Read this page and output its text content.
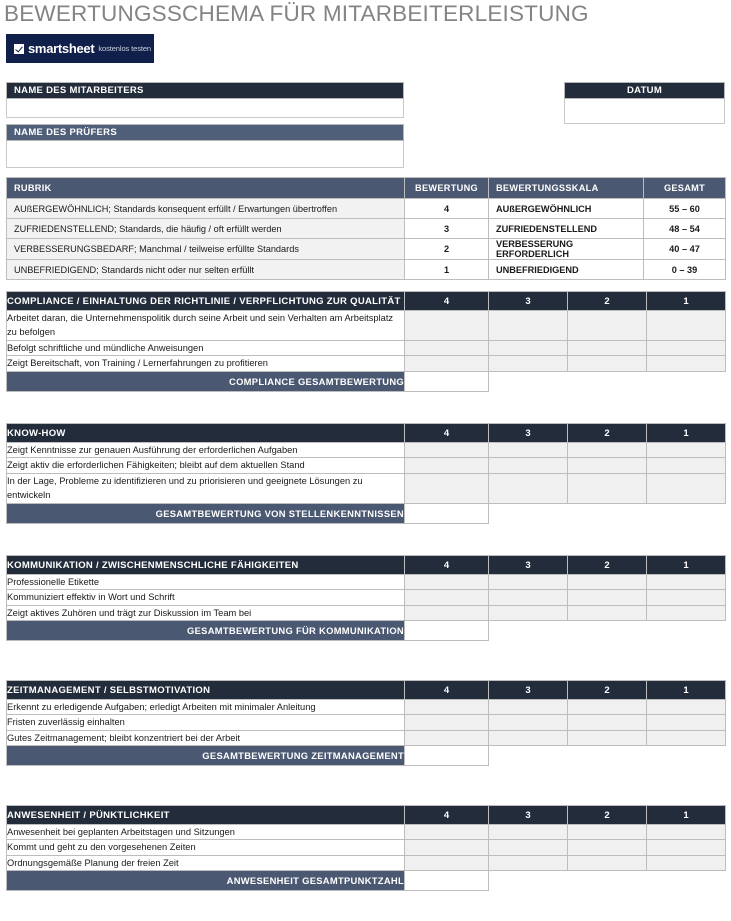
BEWERTUNGSSCHEMA FÜR MITARBEITERLEISTUNG
smartsheet kostenlos testen
NAME DES MITARBEITERS
NAME DES PRÜFERS
DATUM
RUBRIK	BEWERTUNG	BEWERTUNGSSKALA	GESAMT
AUßERGEWÖHNLICH; Standards konsequent erfüllt / Erwartungen übertroffen	4	AUßERGEWÖHNLICH	55 – 60
ZUFRIEDENSTELLEND; Standards, die häufig / oft erfüllt werden	3	ZUFRIEDENSTELLEND	48 – 54
VERBESSERUNGSBEDARF; Manchmal / teilweise erfüllte Standards	2	VERBESSERUNG ERFORDERLICH	40 – 47
UNBEFRIEDIGEND; Standards nicht oder nur selten erfüllt	1	UNBEFRIEDIGEND	0 – 39
COMPLIANCE / EINHALTUNG DER RICHTLINIE / VERPFLICHTUNG ZUR QUALITÄT	4	3	2	1
Arbeitet daran, die Unternehmenspolitik durch seine Arbeit und sein Verhalten am Arbeitsplatz zu befolgen				
Befolgt schriftliche und mündliche Anweisungen				
Zeigt Bereitschaft, von Training / Lernerfahrungen zu profitieren				
COMPLIANCE GESAMTBEWERTUNG				
KNOW-HOW	4	3	2	1
Zeigt Kenntnisse zur genauen Ausführung der erforderlichen Aufgaben				
Zeigt aktiv die erforderlichen Fähigkeiten; bleibt auf dem aktuellen Stand				
In der Lage, Probleme zu identifizieren und zu priorisieren und geeignete Lösungen zu entwickeln				
GESAMTBEWERTUNG VON STELLENKENNTNISSEN				
KOMMUNIKATION / ZWISCHENMENSCHLICHE FÄHIGKEITEN	4	3	2	1
Professionelle Etikette				
Kommuniziert effektiv in Wort und Schrift				
Zeigt aktives Zuhören und trägt zur Diskussion im Team bei				
GESAMTBEWERTUNG FÜR KOMMUNIKATION				
ZEITMANAGEMENT / SELBSTMOTIVATION	4	3	2	1
Erkennt zu erledigende Aufgaben; erledigt Arbeiten mit minimaler Anleitung				
Fristen zuverlässig einhalten				
Gutes Zeitmanagement; bleibt konzentriert bei der Arbeit				
GESAMTBEWERTUNG ZEITMANAGEMENT				
ANWESENHEIT / PÜNKTLICHKEIT	4	3	2	1
Anwesenheit bei geplanten Arbeitstagen und Sitzungen				
Kommt und geht zu den vorgesehenen Zeiten				
Ordnungsgemäße Planung der freien Zeit				
ANWESENHEIT GESAMTPUNKTZAHL				
